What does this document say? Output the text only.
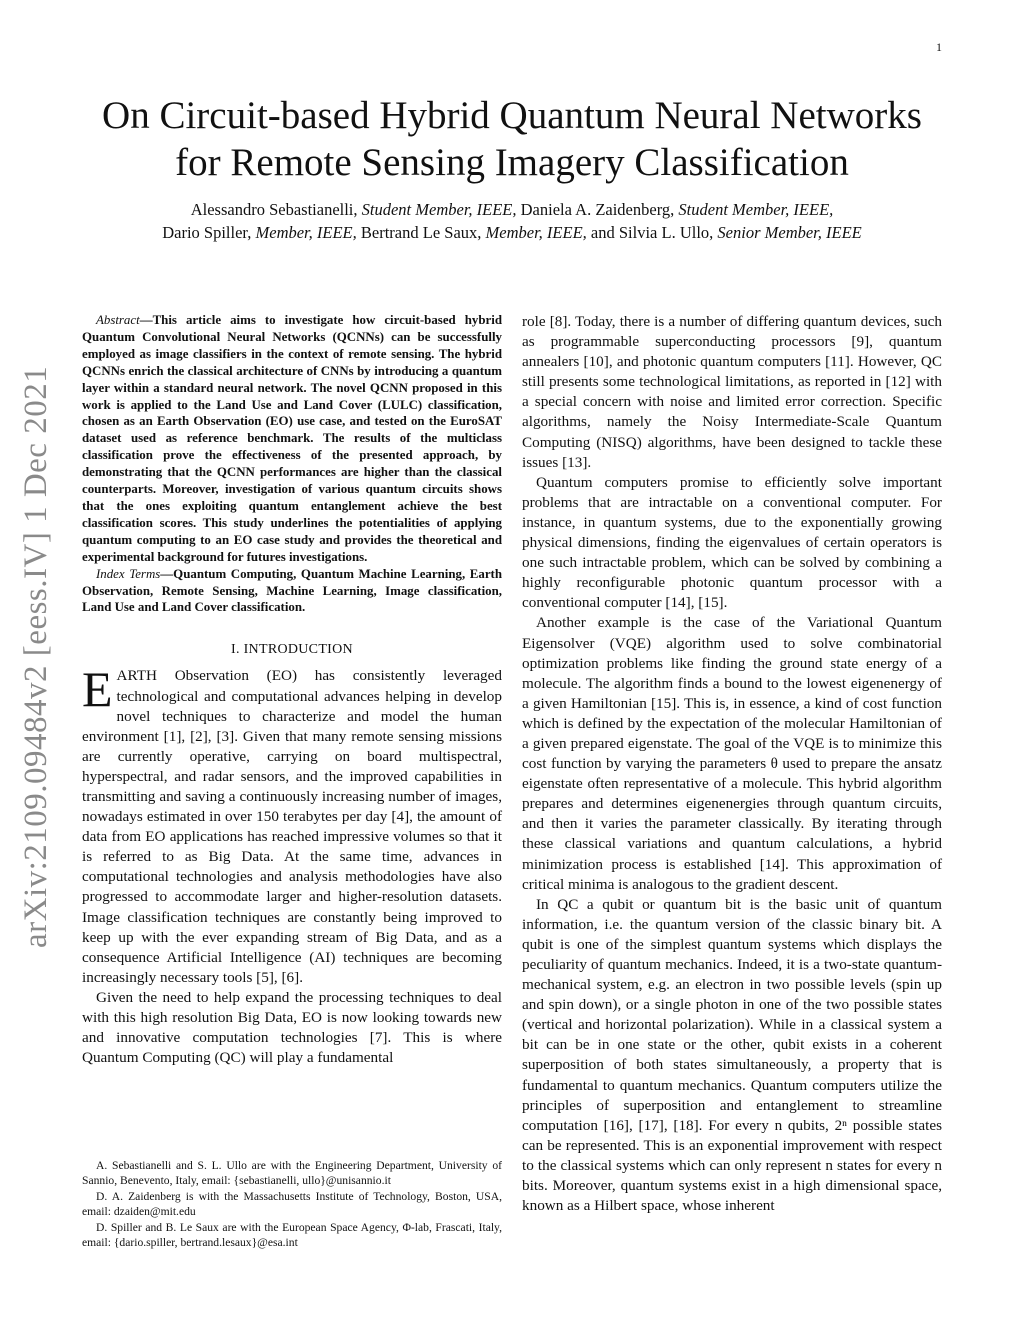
1
arXiv:2109.09484v2 [eess.IV] 1 Dec 2021
On Circuit-based Hybrid Quantum Neural Networks
for Remote Sensing Imagery Classification
Alessandro Sebastianelli, Student Member, IEEE, Daniela A. Zaidenberg, Student Member, IEEE,
Dario Spiller, Member, IEEE, Bertrand Le Saux, Member, IEEE, and Silvia L. Ullo, Senior Member, IEEE

Abstract—This article aims to investigate how circuit-based hybrid Quantum Convolutional Neural Networks (QCNNs) can be successfully employed as image classifiers in the context of remote sensing. The hybrid QCNNs enrich the classical architecture of CNNs by introducing a quantum layer within a standard neural network. The novel QCNN proposed in this work is applied to the Land Use and Land Cover (LULC) classification, chosen as an Earth Observation (EO) use case, and tested on the EuroSAT dataset used as reference benchmark. The results of the multiclass classification prove the effectiveness of the presented approach, by demonstrating that the QCNN performances are higher than the classical counterparts. Moreover, investigation of various quantum circuits shows that the ones exploiting quantum entanglement achieve the best classification scores. This study underlines the potentialities of applying quantum computing to an EO case study and provides the theoretical and experimental background for futures investigations.

Index Terms—Quantum Computing, Quantum Machine Learning, Earth Observation, Remote Sensing, Machine Learning, Image classification, Land Use and Land Cover classification.

I. INTRODUCTION

EARTH Observation (EO) has consistently leveraged technological and computational advances helping in develop novel techniques to characterize and model the human environment [1], [2], [3]. Given that many remote sensing missions are currently operative, carrying on board multispectral, hyperspectral, and radar sensors, and the improved capabilities in transmitting and saving a continuously increasing number of images, nowadays estimated in over 150 terabytes per day [4], the amount of data from EO applications has reached impressive volumes so that it is referred to as Big Data. At the same time, advances in computational technologies and analysis methodologies have also progressed to accommodate larger and higher-resolution datasets. Image classification techniques are constantly being improved to keep up with the ever expanding stream of Big Data, and as a consequence Artificial Intelligence (AI) techniques are becoming increasingly necessary tools [5], [6].

Given the need to help expand the processing techniques to deal with this high resolution Big Data, EO is now looking towards new and innovative computation technologies [7]. This is where Quantum Computing (QC) will play a fundamental

A. Sebastianelli and S. L. Ullo are with the Engineering Department, University of Sannio, Benevento, Italy, email: {sebastianelli, ullo}@unisannio.it

D. A. Zaidenberg is with the Massachusetts Institute of Technology, Boston, USA, email: dzaiden@mit.edu

D. Spiller and B. Le Saux are with the European Space Agency, Φ-lab, Frascati, Italy, email: {dario.spiller, bertrand.lesaux}@esa.int

role [8]. Today, there is a number of differing quantum devices, such as programmable superconducting processors [9], quantum annealers [10], and photonic quantum computers [11]. However, QC still presents some technological limitations, as reported in [12] with a special concern with noise and limited error correction. Specific algorithms, namely the Noisy Intermediate-Scale Quantum Computing (NISQ) algorithms, have been designed to tackle these issues [13].

Quantum computers promise to efficiently solve important problems that are intractable on a conventional computer. For instance, in quantum systems, due to the exponentially growing physical dimensions, finding the eigenvalues of certain operators is one such intractable problem, which can be solved by combining a highly reconfigurable photonic quantum processor with a conventional computer [14], [15].

Another example is the case of the Variational Quantum Eigensolver (VQE) algorithm used to solve combinatorial optimization problems like finding the ground state energy of a molecule. The algorithm finds a bound to the lowest eigenenergy of a given Hamiltonian [15]. This is, in essence, a kind of cost function which is defined by the expectation of the molecular Hamiltonian of a given prepared eigenstate. The goal of the VQE is to minimize this cost function by varying the parameters θ used to prepare the ansatz eigenstate often representative of a molecule. This hybrid algorithm prepares and determines eigenenergies through quantum circuits, and then it varies the parameter classically. By iterating through these classical variations and quantum calculations, a hybrid minimization process is established [14]. This approximation of critical minima is analogous to the gradient descent.

In QC a qubit or quantum bit is the basic unit of quantum information, i.e. the quantum version of the classic binary bit. A qubit is one of the simplest quantum systems which displays the peculiarity of quantum mechanics. Indeed, it is a two-state quantum-mechanical system, e.g. an electron in two possible levels (spin up and spin down), or a single photon in one of the two possible states (vertical and horizontal polarization). While in a classical system a bit can be in one state or the other, qubit exists in a coherent superposition of both states simultaneously, a property that is fundamental to quantum mechanics. Quantum computers utilize the principles of superposition and entanglement to streamline computation [16], [17], [18]. For every n qubits, 2ⁿ possible states can be represented. This is an exponential improvement with respect to the classical systems which can only represent n states for every n bits. Moreover, quantum systems exist in a high dimensional space, known as a Hilbert space, whose inherent
